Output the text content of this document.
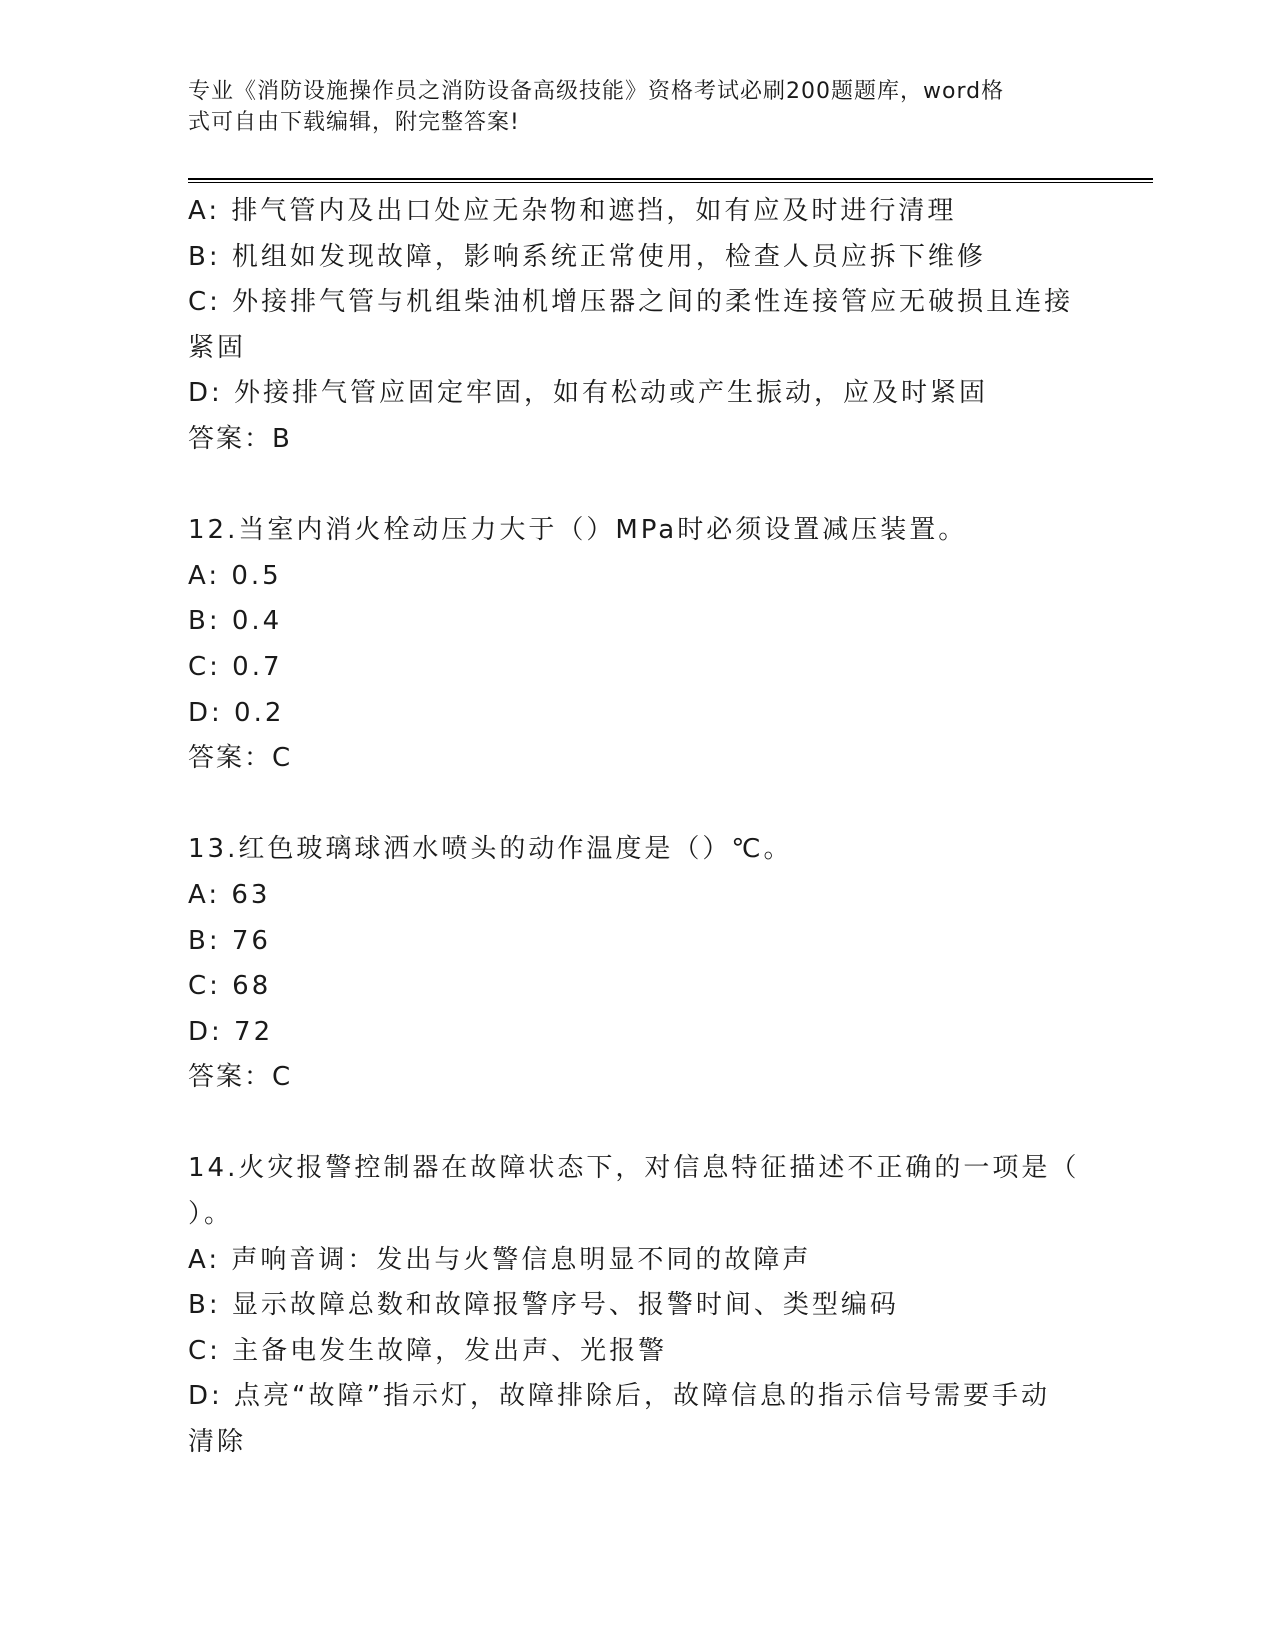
专业《消防设施操作员之消防设备高级技能》资格考试必刷200题题库，word格
式可自由下载编辑，附完整答案!
A: 排气管内及出口处应无杂物和遮挡，如有应及时进行清理
B: 机组如发现故障，影响系统正常使用，检查人员应拆下维修
C: 外接排气管与机组柴油机增压器之间的柔性连接管应无破损且连接
紧固
D: 外接排气管应固定牢固，如有松动或产生振动，应及时紧固
答案：B
12.当室内消火栓动压力大于（）MPa时必须设置减压装置。
A: 0.5
B: 0.4
C: 0.7
D: 0.2
答案：C
13.红色玻璃球洒水喷头的动作温度是（）℃。
A: 63
B: 76
C: 68
D: 72
答案：C
14.火灾报警控制器在故障状态下，对信息特征描述不正确的一项是（
）。
A: 声响音调：发出与火警信息明显不同的故障声
B: 显示故障总数和故障报警序号、报警时间、类型编码
C: 主备电发生故障，发出声、光报警
D: 点亮“故障”指示灯，故障排除后，故障信息的指示信号需要手动
清除
